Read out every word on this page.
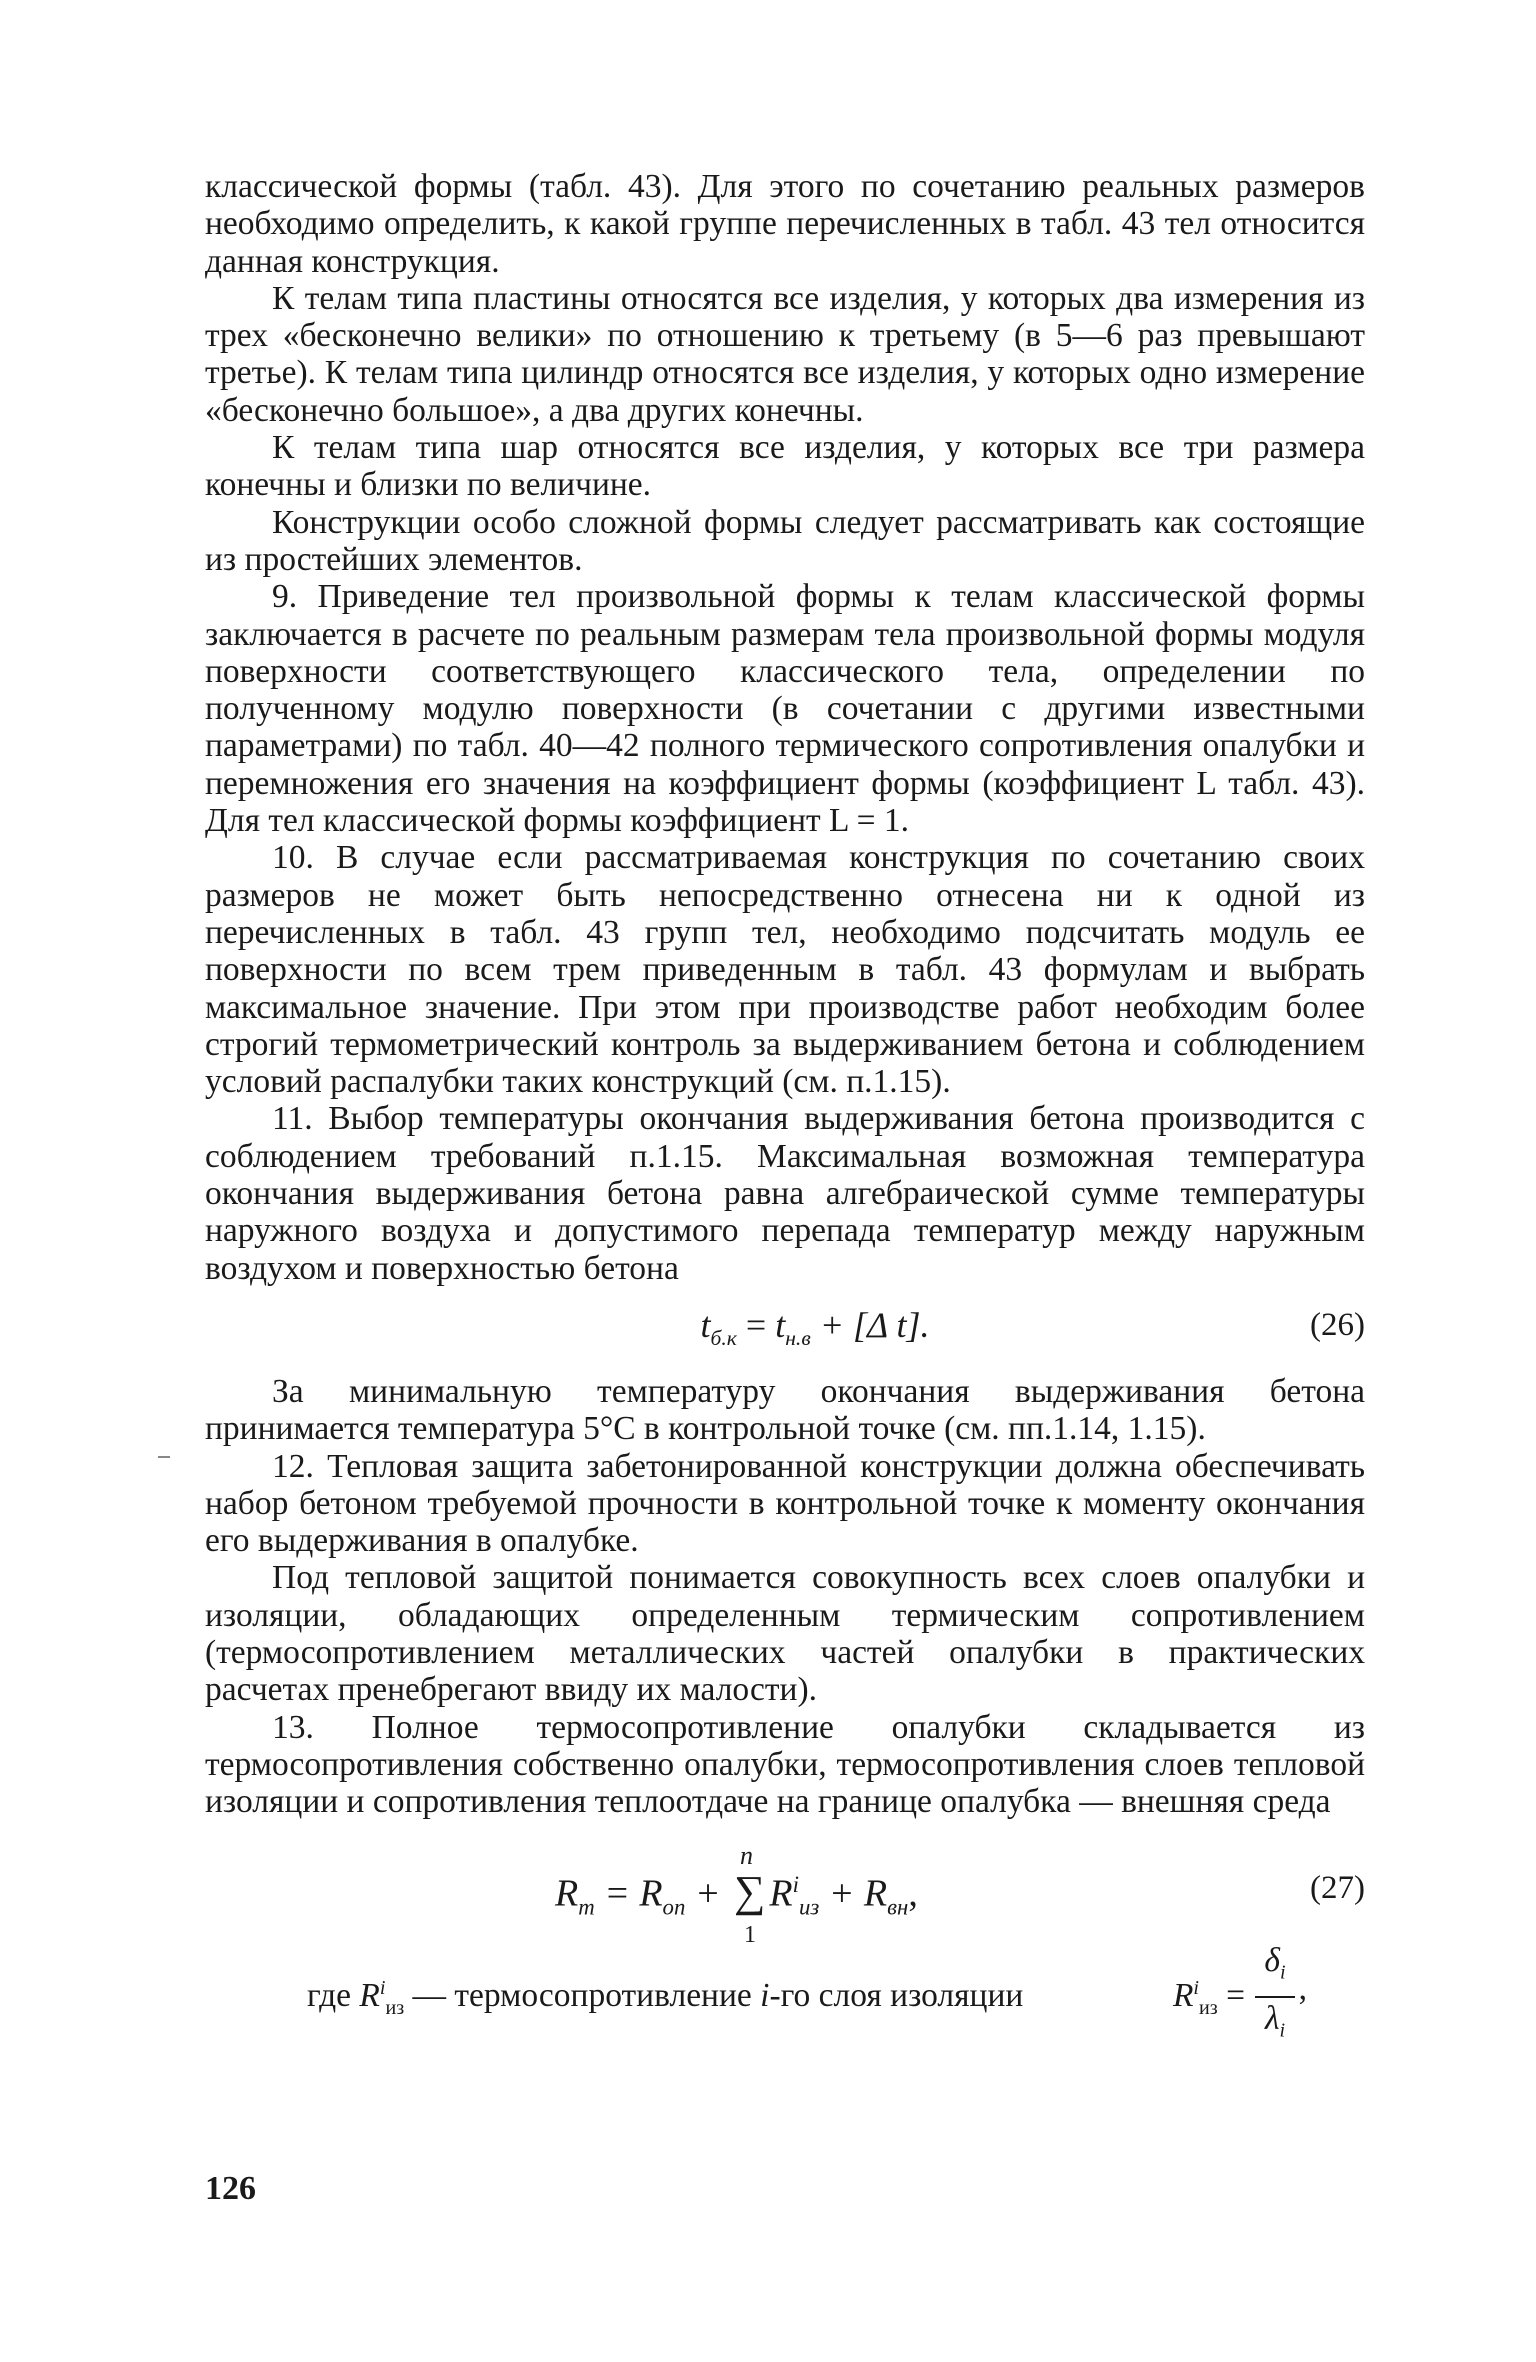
классической формы (табл. 43). Для этого по сочетанию реальных размеров необходимо определить, к какой группе перечисленных в табл. 43 тел относится данная конструкция.

К телам типа пластины относятся все изделия, у которых два измерения из трех «бесконечно велики» по отношению к третьему (в 5—6 раз превышают третье). К телам типа цилиндр относятся все изделия, у которых одно измерение «бесконечно большое», а два других конечны.

К телам типа шар относятся все изделия, у которых все три размера конечны и близки по величине.

Конструкции особо сложной формы следует рассматривать как состоящие из простейших элементов.

9. Приведение тел произвольной формы к телам классической формы заключается в расчете по реальным размерам тела произвольной формы модуля поверхности соответствующего классического тела, определении по полученному модулю поверхности (в сочетании с другими известными параметрами) по табл. 40—42 полного термического сопротивления опалубки и перемножения его значения на коэффициент формы (коэффициент L табл. 43). Для тел классической формы коэффициент L = 1.

10. В случае если рассматриваемая конструкция по сочетанию своих размеров не может быть непосредственно отнесена ни к одной из перечисленных в табл. 43 групп тел, необходимо подсчитать модуль ее поверхности по всем трем приведенным в табл. 43 формулам и выбрать максимальное значение. При этом при производстве работ необходим более строгий термометрический контроль за выдерживанием бетона и соблюдением условий распалубки таких конструкций (см. п.1.15).

11. Выбор температуры окончания выдерживания бетона производится с соблюдением требований п.1.15. Максимальная возможная температура окончания выдерживания бетона равна алгебраической сумме температуры наружного воздуха и допустимого перепада температур между наружным воздухом и поверхностью бетона

$t_{б.к} = t_{н.в} + [\Delta$ t].	(26)

За минимальную температуру окончания выдерживания бетона принимается температура 5°С в контрольной точке (см. пп.1.14, 1.15).

12. Тепловая защита забетонированной конструкции должна обеспечивать набор бетоном требуемой прочности в контрольной точке к моменту окончания его выдерживания в опалубке.

Под тепловой защитой понимается совокупность всех слоев опалубки и изоляции, обладающих определенным термическим сопротивлением (термосопротивлением металлических частей опалубки в практических расчетах пренебрегают ввиду их малости).

13. Полное термосопротивление опалубки складывается из термосопротивления собственно опалубки, термосопротивления слоев тепловой изоляции и сопротивления теплоотдаче на границе опалубка — внешняя среда

$R_т = R_{оп}$ +
n
∑
1
$R^i_{из} + R_{вн}$,	(27)
где $R^i_{из}$ — термосопротивление i-го слоя изоляции	$R^i_{из} = \frac{\delta_i}{\lambda_i}$ ,
126
